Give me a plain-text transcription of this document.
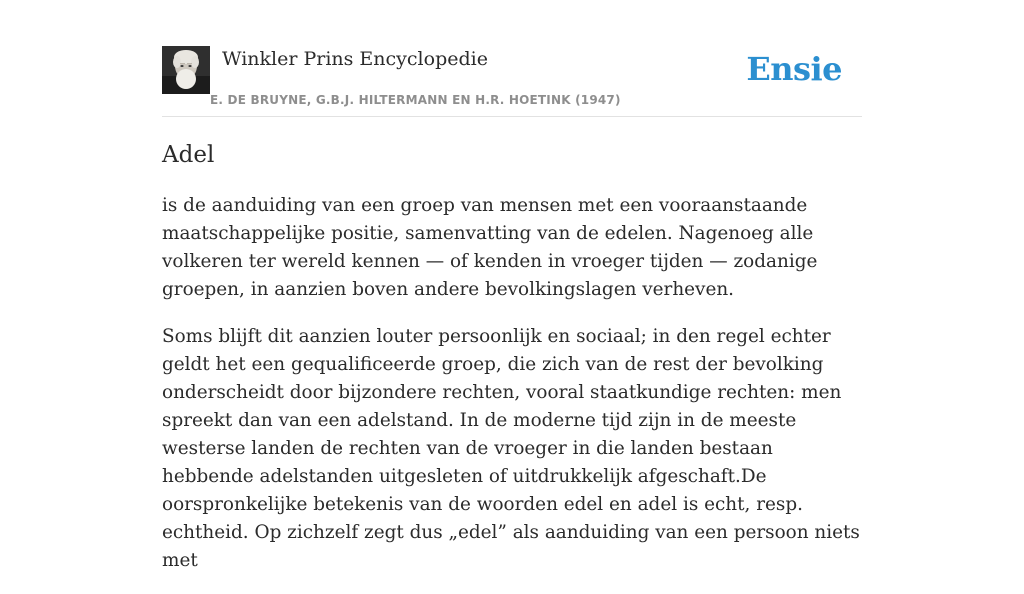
Winkler Prins Encyclopedie
E. DE BRUYNE, G.B.J. HILTERMANN EN H.R. HOETINK (1947)
Ensie
Adel

is de aanduiding van een groep van mensen met een vooraanstaande maatschappelijke positie, samenvatting van de edelen. Nagenoeg alle volkeren ter wereld kennen — of kenden in vroeger tijden — zodanige groepen, in aanzien boven andere bevolkingslagen verheven.

Soms blijft dit aanzien louter persoonlijk en sociaal; in den regel echter geldt het een gequalificeerde groep, die zich van de rest der bevolking onderscheidt door bijzondere rechten, vooral staatkundige rechten: men spreekt dan van een adelstand. In de moderne tijd zijn in de meeste westerse landen de rechten van de vroeger in die landen bestaan hebbende adelstanden uitgesleten of uitdrukkelijk afgeschaft.De oorspronkelijke betekenis van de woorden edel en adel is echt, resp. echtheid. Op zichzelf zegt dus „edel” als aanduiding van een persoon niets met
